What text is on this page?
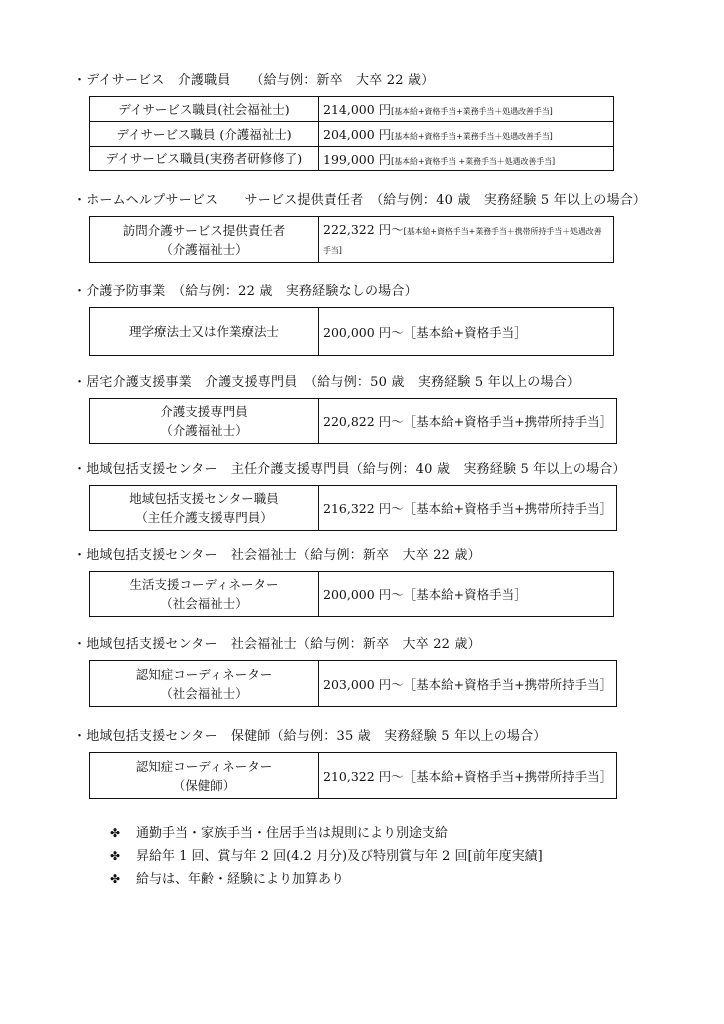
・デイサービス　介護職員　　（給与例：新卒　大卒 22 歳）
デイサービス職員(社会福祉士)	214,000 円[基本給+資格手当+業務手当＋処遇改善手当]
デイサービス職員 (介護福祉士)	204,000 円[基本給+資格手当+業務手当＋処遇改善手当]
デイサービス職員(実務者研修修了)	199,000 円[基本給+資格手当 +業務手当＋処遇改善手当]
・ホームヘルプサービス　　サービス提供責任者　（給与例：40 歳　実務経験 5 年以上の場合）
訪問介護サービス提供責任者
（介護福祉士）
	222,322 円～[基本給+資格手当+業務手当＋携帯所持手当＋処遇改善手当]
・介護予防事業　（給与例：22 歳　実務経験なしの場合）
理学療法士又は作業療法士	200,000 円～［基本給+資格手当］
・居宅介護支援事業　介護支援専門員　（給与例：50 歳　実務経験 5 年以上の場合）
介護支援専門員
（介護福祉士）
	220,822 円～［基本給+資格手当+携帯所持手当］
・地域包括支援センター　主任介護支援専門員（給与例：40 歳　実務経験 5 年以上の場合）
地域包括支援センター職員
（主任介護支援専門員）
	216,322 円～［基本給+資格手当+携帯所持手当］
・地域包括支援センター　社会福祉士（給与例：新卒　大卒 22 歳）
生活支援コーディネーター
（社会福祉士）
	200,000 円～［基本給+資格手当］
・地域包括支援センター　社会福祉士（給与例：新卒　大卒 22 歳）
認知症コーディネーター
（社会福祉士）
	203,000 円～［基本給+資格手当+携帯所持手当］
・地域包括支援センター　保健師（給与例：35 歳　実務経験 5 年以上の場合）
認知症コーディネーター
（保健師）
	210,322 円～［基本給+資格手当+携帯所持手当］
✤ 通勤手当・家族手当・住居手当は規則により別途支給
✤ 昇給年 1 回、賞与年 2 回(4.2 月分)及び特別賞与年 2 回[前年度実績]
✤ 給与は、年齢・経験により加算あり
